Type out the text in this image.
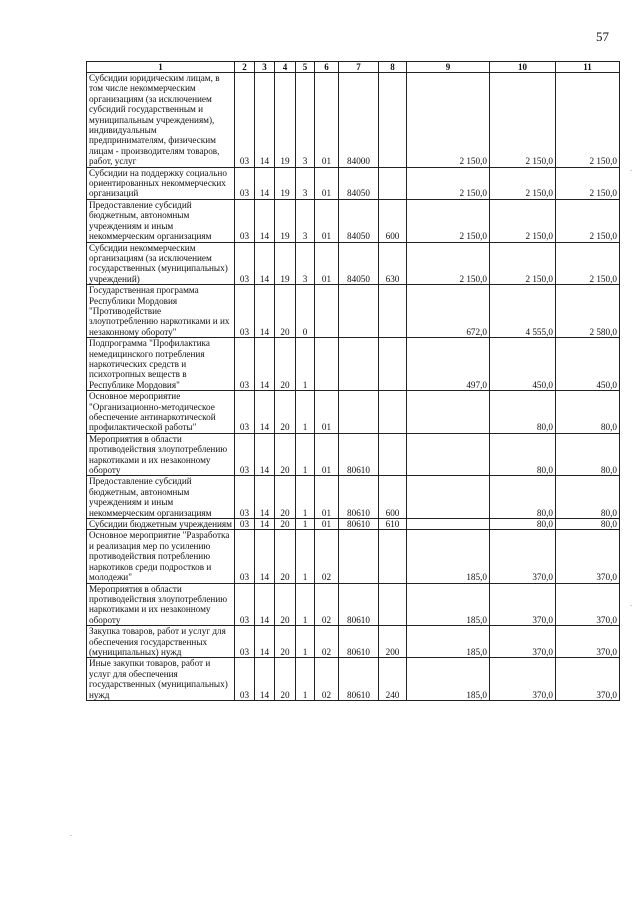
57
1	2	3	4	5	6	7	8	9	10	11
Субсидии юридическим лицам, в том числе некоммерческим организациям (за исключением субсидий государственным и муниципальным учреждениям), индивидуальным предпринимателям, физическим лицам - производителям товаров, работ, услуг	03	14	19	3	01	84000		2 150,0	2 150,0	2 150,0
Субсидии на поддержку социально ориентированных некоммерческих организаций	03	14	19	3	01	84050		2 150,0	2 150,0	2 150,0
Предоставление субсидий бюджетным, автономным учреждениям и иным некоммерческим организациям	03	14	19	3	01	84050	600	2 150,0	2 150,0	2 150,0
Субсидии некоммерческим организациям (за исключением государственных (муниципальных) учреждений)	03	14	19	3	01	84050	630	2 150,0	2 150,0	2 150,0
Государственная программа Республики Мордовия "Противодействие злоупотреблению наркотиками и их незаконному обороту"	03	14	20	0				672,0	4 555,0	2 580,0
Подпрограмма "Профилактика немедицинского потребления наркотических средств и психотропных веществ в Республике Мордовия"	03	14	20	1				497,0	450,0	450,0
Основное мероприятие "Организационно-методическое обеспечение антинаркотической профилактической работы"	03	14	20	1	01				80,0	80,0
Мероприятия в области противодействия злоупотреблению наркотиками и их незаконному обороту	03	14	20	1	01	80610			80,0	80,0
Предоставление субсидий бюджетным, автономным учреждениям и иным некоммерческим организациям	03	14	20	1	01	80610	600		80,0	80,0
Субсидии бюджетным учреждениям	03	14	20	1	01	80610	610		80,0	80,0
Основное мероприятие "Разработка и реализация мер по усилению противодействия потреблению наркотиков среди подростков и молодежи"	03	14	20	1	02			185,0	370,0	370,0
Мероприятия в области противодействия злоупотреблению наркотиками и их незаконному обороту	03	14	20	1	02	80610		185,0	370,0	370,0
Закупка товаров, работ и услуг для обеспечения государственных (муниципальных) нужд	03	14	20	1	02	80610	200	185,0	370,0	370,0
Иные закупки товаров, работ и услуг для обеспечения государственных (муниципальных) нужд	03	14	20	1	02	80610	240	185,0	370,0	370,0
.
.
.
